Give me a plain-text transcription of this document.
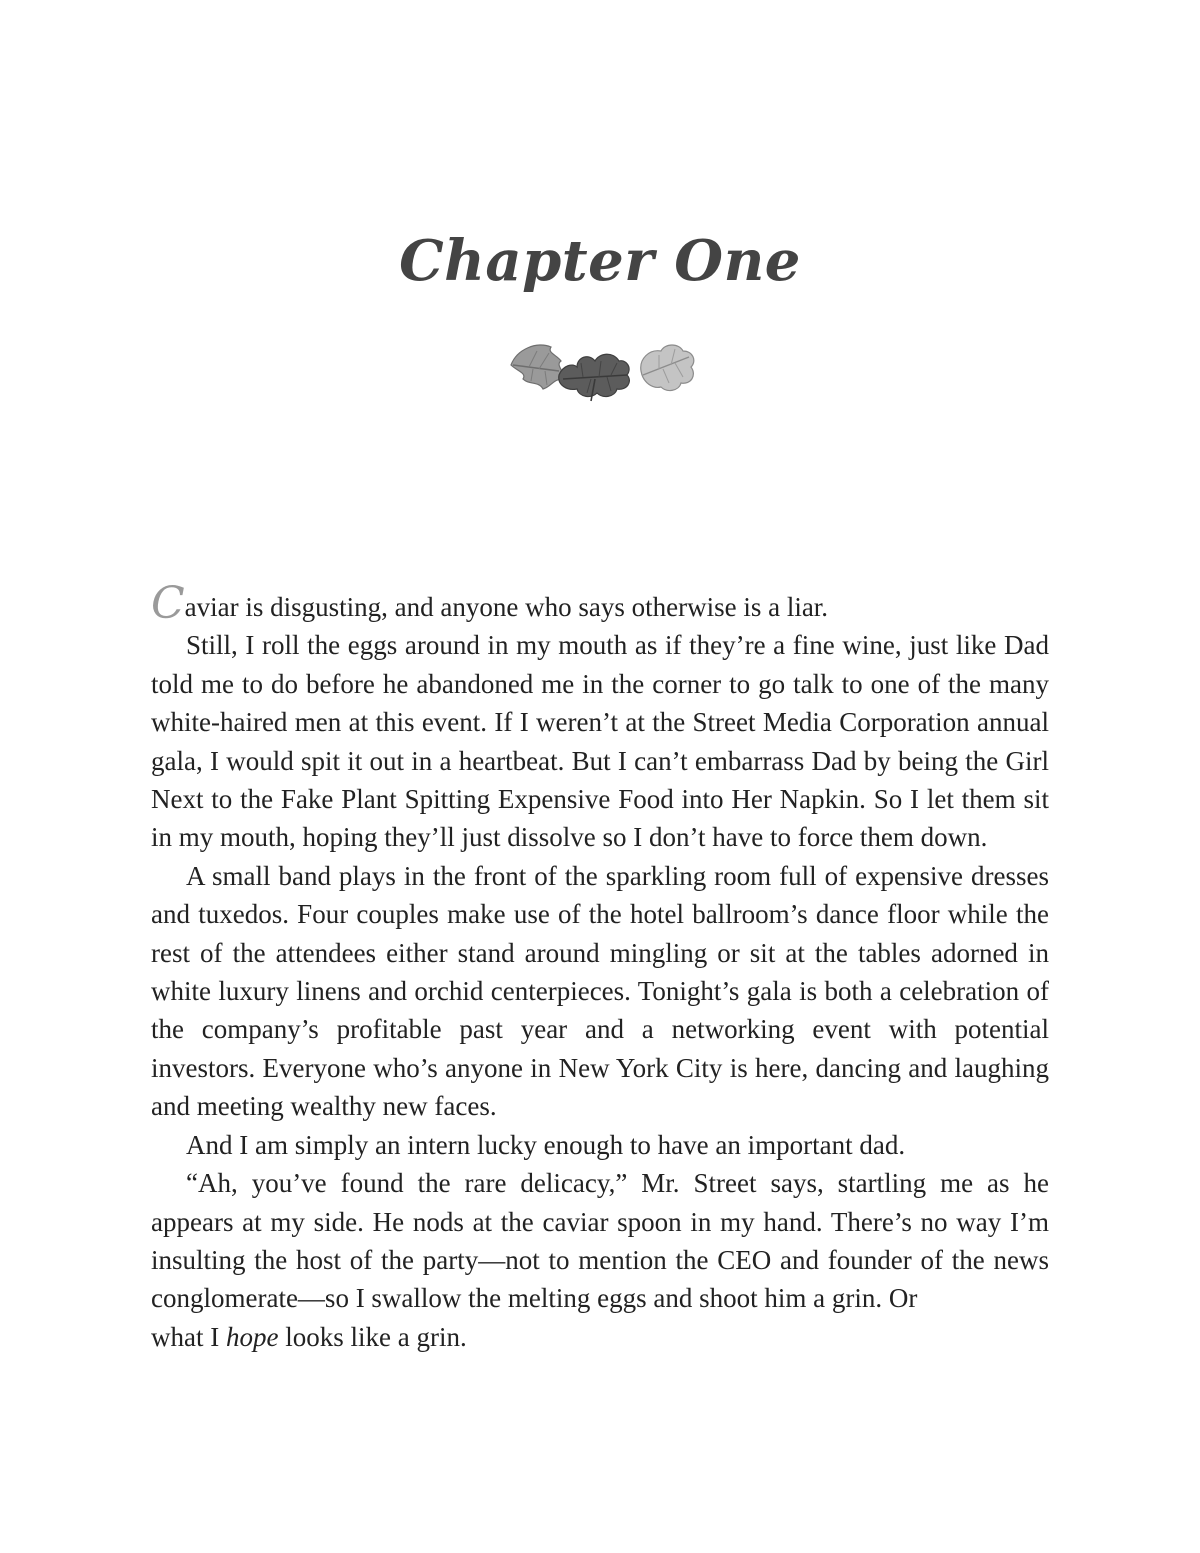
Chapter One

Caviar is disgusting, and anyone who says otherwise is a liar.

Still, I roll the eggs around in my mouth as if they’re a fine wine, just like Dad told me to do before he abandoned me in the corner to go talk to one of the many white-haired men at this event. If I weren’t at the Street Media Corporation annual gala, I would spit it out in a heartbeat. But I can’t embarrass Dad by being the Girl Next to the Fake Plant Spitting Expensive Food into Her Napkin. So I let them sit in my mouth, hoping they’ll just dissolve so I don’t have to force them down.

A small band plays in the front of the sparkling room full of expensive dresses and tuxedos. Four couples make use of the hotel ballroom’s dance floor while the rest of the attendees either stand around mingling or sit at the tables adorned in white luxury linens and orchid centerpieces. Tonight’s gala is both a celebration of the company’s profitable past year and a networking event with potential investors. Everyone who’s anyone in New York City is here, dancing and laughing and meeting wealthy new faces.

And I am simply an intern lucky enough to have an important dad.

“Ah, you’ve found the rare delicacy,” Mr. Street says, startling me as he appears at my side. He nods at the caviar spoon in my hand. There’s no way I’m insulting the host of the party—not to mention the CEO and founder of the news conglomerate—so I swallow the melting eggs and shoot him a grin. Or

what I hope looks like a grin.
